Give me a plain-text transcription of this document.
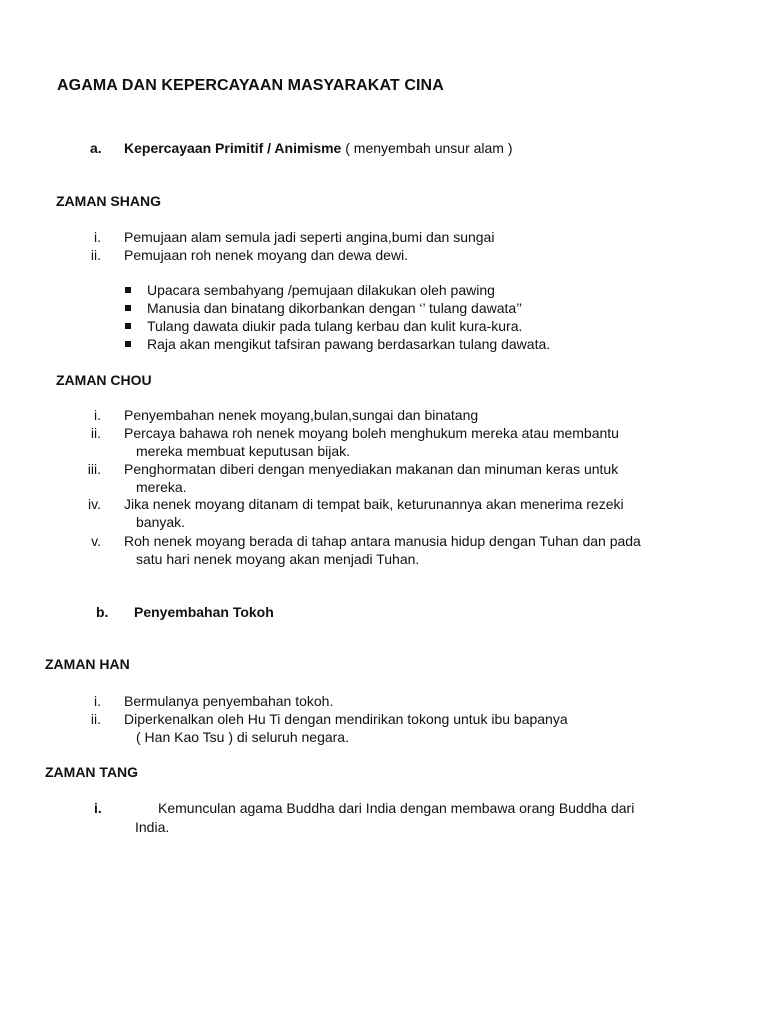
AGAMA DAN KEPERCAYAAN MASYARAKAT CINA
a. Kepercayaan Primitif / Animisme ( menyembah unsur alam )
ZAMAN SHANG
i. Pemujaan alam semula jadi seperti angina,bumi dan sungai
ii. Pemujaan roh nenek moyang dan dewa dewi.
Upacara sembahyang /pemujaan dilakukan oleh pawing
Manusia dan binatang dikorbankan dengan ‘’ tulang dawata’’
Tulang dawata diukir pada tulang kerbau dan kulit kura-kura.
Raja akan mengikut tafsiran pawang berdasarkan tulang dawata.
ZAMAN CHOU
i. Penyembahan nenek moyang,bulan,sungai dan binatang
ii. Percaya bahawa roh nenek moyang boleh menghukum mereka atau membantu
mereka membuat keputusan bijak.
iii. Penghormatan diberi dengan menyediakan makanan dan minuman keras untuk
mereka.
iv. Jika nenek moyang ditanam di tempat baik, keturunannya akan menerima rezeki
banyak.
v. Roh nenek moyang berada di tahap antara manusia hidup dengan Tuhan dan pada
satu hari nenek moyang akan menjadi Tuhan.
b. Penyembahan Tokoh
ZAMAN HAN
i. Bermulanya penyembahan tokoh.
ii. Diperkenalkan oleh Hu Ti dengan mendirikan tokong untuk ibu bapanya
( Han Kao Tsu ) di seluruh negara.
ZAMAN TANG
i.	Kemunculan agama Buddha dari India dengan membawa orang Buddha dari
India.
